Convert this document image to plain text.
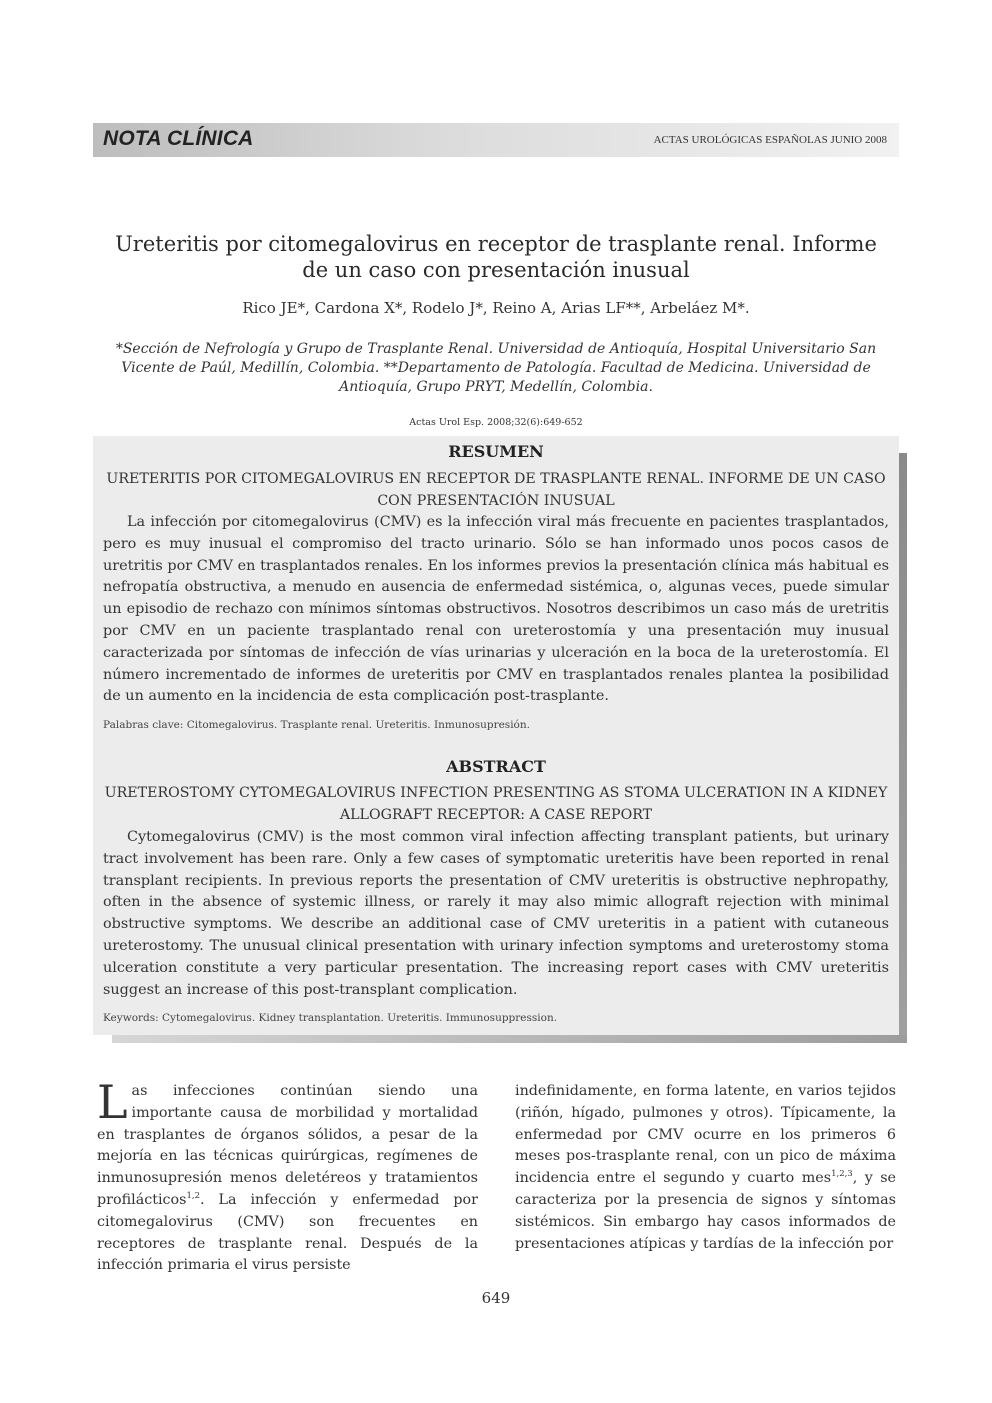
NOTA CLÍNICA	ACTAS UROLÓGICAS ESPAÑOLAS JUNIO 2008
Ureteritis por citomegalovirus en receptor de trasplante renal. Informe de un caso con presentación inusual
Rico JE*, Cardona X*, Rodelo J*, Reino A, Arias LF**, Arbeláez M*.
*Sección de Nefrología y Grupo de Trasplante Renal. Universidad de Antioquía, Hospital Universitario San Vicente de Paúl, Medillín, Colombia. **Departamento de Patología. Facultad de Medicina. Universidad de Antioquía, Grupo PRYT, Medellín, Colombia.
Actas Urol Esp. 2008;32(6):649-652
RESUMEN
URETERITIS POR CITOMEGALOVIRUS EN RECEPTOR DE TRASPLANTE RENAL. INFORME DE UN CASO CON PRESENTACIÓN INUSUAL
La infección por citomegalovirus (CMV) es la infección viral más frecuente en pacientes trasplantados, pero es muy inusual el compromiso del tracto urinario. Sólo se han informado unos pocos casos de uretritis por CMV en trasplantados renales. En los informes previos la presentación clínica más habitual es nefropatía obstructiva, a menudo en ausencia de enfermedad sistémica, o, algunas veces, puede simular un episodio de rechazo con mínimos síntomas obstructivos. Nosotros describimos un caso más de uretritis por CMV en un paciente trasplantado renal con ureterostomía y una presentación muy inusual caracterizada por síntomas de infección de vías urinarias y ulceración en la boca de la ureterostomía. El número incrementado de informes de ureteritis por CMV en trasplantados renales plantea la posibilidad de un aumento en la incidencia de esta complicación post-trasplante.
Palabras clave: Citomegalovirus. Trasplante renal. Ureteritis. Inmunosupresión.
ABSTRACT
URETEROSTOMY CYTOMEGALOVIRUS INFECTION PRESENTING AS STOMA ULCERATION IN A KIDNEY ALLOGRAFT RECEPTOR: A CASE REPORT
Cytomegalovirus (CMV) is the most common viral infection affecting transplant patients, but urinary tract involvement has been rare. Only a few cases of symptomatic ureteritis have been reported in renal transplant recipients. In previous reports the presentation of CMV ureteritis is obstructive nephropathy, often in the absence of systemic illness, or rarely it may also mimic allograft rejection with minimal obstructive symptoms. We describe an additional case of CMV ureteritis in a patient with cutaneous ureterostomy. The unusual clinical presentation with urinary infection symptoms and ureterostomy stoma ulceration constitute a very particular presentation. The increasing report cases with CMV ureteritis suggest an increase of this post-transplant complication.
Keywords: Cytomegalovirus. Kidney transplantation. Ureteritis. Immunosuppression.
Las infecciones continúan siendo una importante causa de morbilidad y mortalidad en trasplantes de órganos sólidos, a pesar de la mejoría en las técnicas quirúrgicas, regímenes de inmunosupresión menos deletéreos y tratamientos profilácticos$^{1,2}$. La infección y enfermedad por citomegalovirus (CMV) son frecuentes en receptores de trasplante renal. Después de la infección primaria el virus persiste
indefinidamente, en forma latente, en varios tejidos (riñón, hígado, pulmones y otros). Típicamente, la enfermedad por CMV ocurre en los primeros 6 meses pos-trasplante renal, con un pico de máxima incidencia entre el segundo y cuarto mes$^{1,2,3}$, y se caracteriza por la presencia de signos y síntomas sistémicos. Sin embargo hay casos informados de presentaciones atípicas y tardías de la infección por
649
